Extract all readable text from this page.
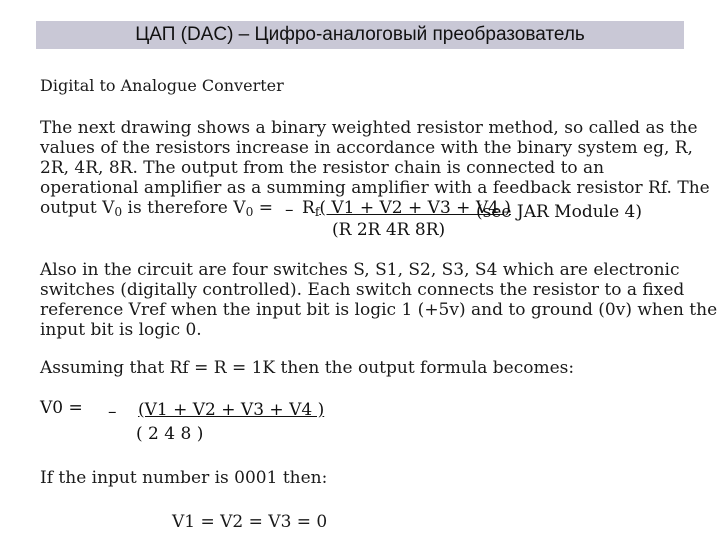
ЦАП (DAC) – Цифро-аналоговый преобразователь
Digital to Analogue Converter
The next drawing shows a binary weighted resistor method, so called as the
values of the resistors increase in accordance with the binary system eg, R,
2R, 4R, 8R. The output from the resistor chain is connected to an
operational amplifier as a summing amplifier with a feedback resistor Rf. The
output $V_0$ is therefore $V_0$ = – $R_f$( V1 + V2 + V3 + V4 )
(see JAR Module 4)
(R 2R 4R 8R)
Also in the circuit are four switches S, S1, S2, S3, S4 which are electronic
switches (digitally controlled). Each switch connects the resistor to a fixed
reference Vref when the input bit is logic 1 (+5v) and to ground (0v) when the
input bit is logic 0.
Assuming that Rf = R = 1K then the output formula becomes:
V0 = – (V1 + V2 + V3 + V4 )
( 2 4 8 )
If the input number is 0001 then:
V1 = V2 = V3 = 0
